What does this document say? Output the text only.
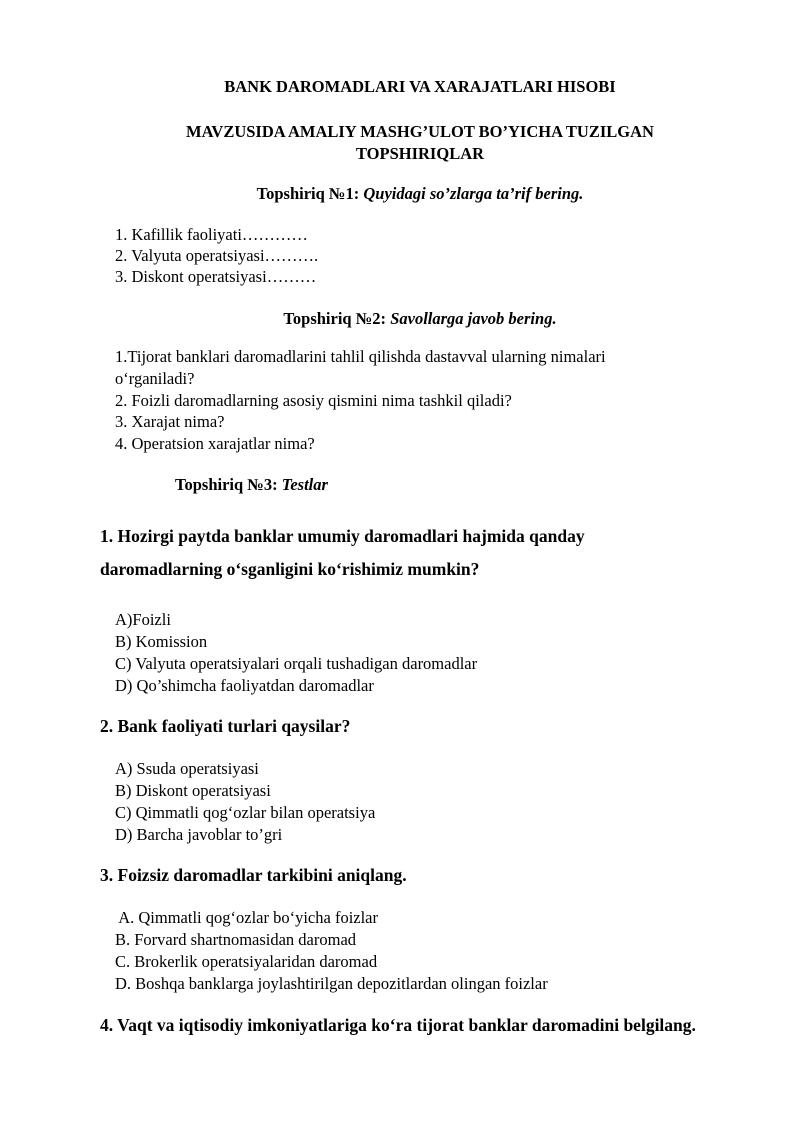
BANK DAROMADLARI VA XARAJATLARI HISOBI
MAVZUSIDA AMALIY MASHG’ULOT BO’YICHA TUZILGAN
TOPSHIRIQLAR
Topshiriq №1: Quyidagi so’zlarga ta’rif bering.
1. Kafillik faoliyati…………
2. Valyuta operatsiyasi……….
3. Diskont operatsiyasi………
Topshiriq №2: Savollarga javob bering.
1.Tijorat banklari daromadlarini tahlil qilishda dastavval ularning nimalari
o‘rganiladi?
2. Foizli daromadlarning asosiy qismini nima tashkil qiladi?
3. Xarajat nima?
4. Operatsion xarajatlar nima?
Topshiriq №3: Testlar
1. Hozirgi paytda banklar umumiy daromadlari hajmida qanday
daromadlarning o‘sganligini ko‘rishimiz mumkin?
A)Foizli
B) Komission
C) Valyuta operatsiyalari orqali tushadigan daromadlar
D) Qo’shimcha faoliyatdan daromadlar
2. Bank faoliyati turlari qaysilar?
A) Ssuda operatsiyasi
B) Diskont operatsiyasi
C) Qimmatli qog‘ozlar bilan operatsiya
D) Barcha javoblar to’gri
3. Foizsiz daromadlar tarkibini aniqlang.
A. Qimmatli qog‘ozlar bo‘yicha foizlar
B. Forvard shartnomasidan daromad
C. Brokerlik operatsiyalaridan daromad
D. Boshqa banklarga joylashtirilgan depozitlardan olingan foizlar
4. Vaqt va iqtisodiy imkoniyatlariga ko‘ra tijorat banklar daromadini belgilang.
